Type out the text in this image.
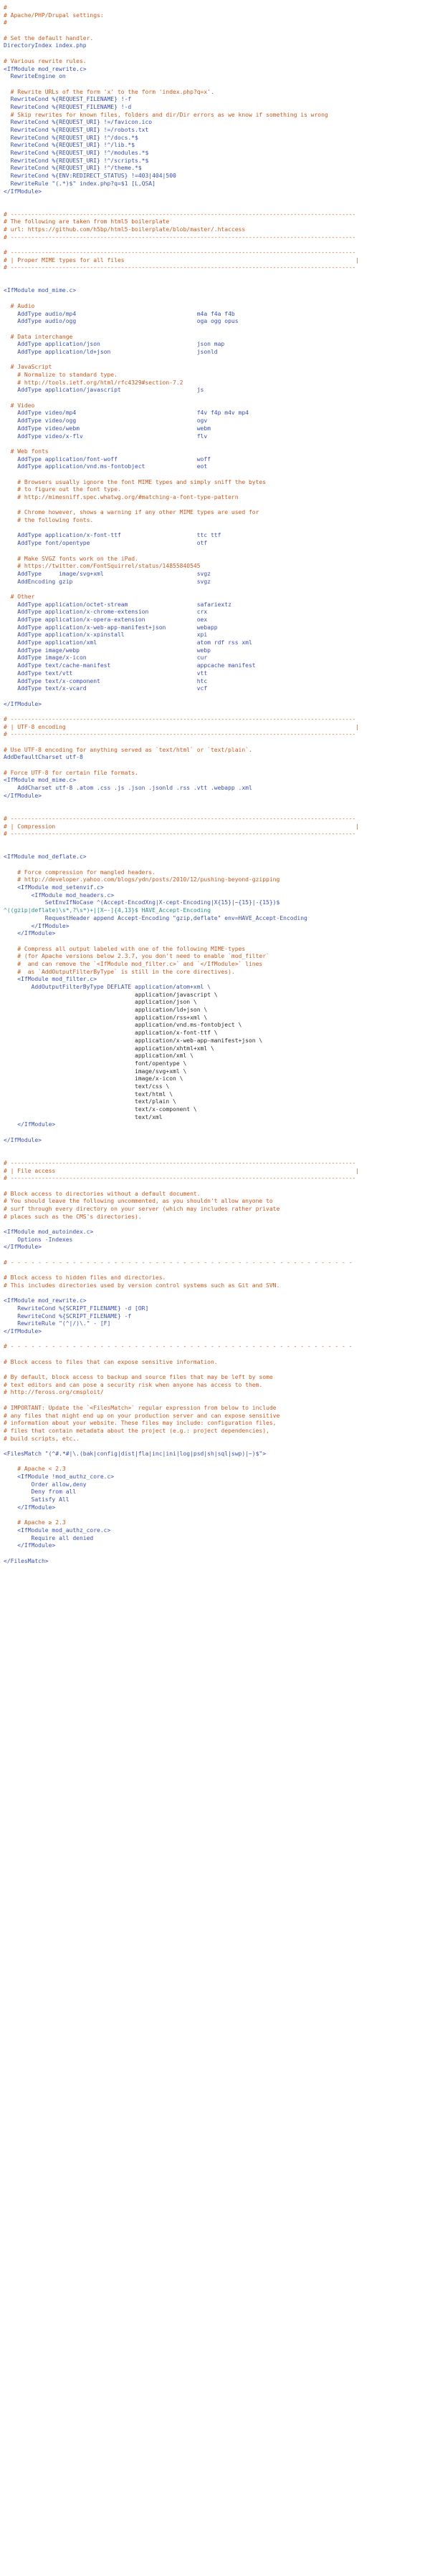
#
# Apache/PHP/Drupal settings:
#
# Set the default handler.
DirectoryIndex index.php
# Various rewrite rules.
<IfModule mod_rewrite.c>
RewriteEngine on
# Rewrite URLs of the form 'x' to the form 'index.php?q=x'.
RewriteCond %{REQUEST_FILENAME} !-f
RewriteCond %{REQUEST_FILENAME} !-d
# Skip rewrites for known files, folders and dir/Dir errors as we know if something is wrong
RewriteCond %{REQUEST_URI} !=/favicon.ico
RewriteCond %{REQUEST_URI} !=/robots.txt
RewriteCond %{REQUEST_URI} !^/docs.*$
RewriteCond %{REQUEST_URI} !^/lib.*$
RewriteCond %{REQUEST_URI} !^/modules.*$
RewriteCond %{REQUEST_URI} !^/scripts.*$
RewriteCond %{REQUEST_URI} !^/theme.*$
RewriteCond %{ENV:REDIRECT_STATUS} !=403|404|500
RewriteRule "(.*)$" index.php?q=$1 [L,QSA]
</IfModule>
# ----------------------------------------------------------------------------------------------------
# The following are taken from html5 boilerplate
# url: https://github.com/h5bp/html5-boilerplate/blob/master/.htaccess
# ----------------------------------------------------------------------------------------------------
# ----------------------------------------------------------------------------------------------------
# | Proper MIME types for all files                                                                   |
# ----------------------------------------------------------------------------------------------------
<IfModule mod_mime.c>
# Audio
AddType audio/mp4                                   m4a f4a f4b
AddType audio/ogg                                   oga ogg opus
# Data interchange
AddType application/json                            json map
AddType application/ld+json                         jsonld
# JavaScript
# Normalize to standard type.
# http://tools.ietf.org/html/rfc4329#section-7.2
AddType application/javascript                      js
# Video
AddType video/mp4                                   f4v f4p m4v mp4
AddType video/ogg                                   ogv
AddType video/webm                                  webm
AddType video/x-flv                                 flv
# Web fonts
AddType application/font-woff                       woff
AddType application/vnd.ms-fontobject               eot
# Browsers usually ignore the font MIME types and simply sniff the bytes
# to figure out the font type.
# http://mimesniff.spec.whatwg.org/#matching-a-font-type-pattern
# Chrome however, shows a warning if any other MIME types are used for
# the following fonts.
AddType application/x-font-ttf                      ttc ttf
AddType font/opentype                               otf
# Make SVGZ fonts work on the iPad.
# https://twitter.com/FontSquirrel/status/14855840545
AddType     image/svg+xml                           svgz
AddEncoding gzip                                    svgz
# Other
AddType application/octet-stream                    safariextz
AddType application/x-chrome-extension              crx
AddType application/x-opera-extension               oex
AddType application/x-web-app-manifest+json         webapp
AddType application/x-xpinstall                     xpi
AddType application/xml                             atom rdf rss xml
AddType image/webp                                  webp
AddType image/x-icon                                cur
AddType text/cache-manifest                         appcache manifest
AddType text/vtt                                    vtt
AddType text/x-component                            htc
AddType text/x-vcard                                vcf
</IfModule>
# ----------------------------------------------------------------------------------------------------
# | UTF-8 encoding                                                                                    |
# ----------------------------------------------------------------------------------------------------
# Use UTF-8 encoding for anything served as `text/html` or `text/plain`.
AddDefaultCharset utf-8
# Force UTF-8 for certain file formats.
<IfModule mod_mime.c>
AddCharset utf-8 .atom .css .js .json .jsonld .rss .vtt .webapp .xml
</IfModule>
# ----------------------------------------------------------------------------------------------------
# | Compression                                                                                       |
# ----------------------------------------------------------------------------------------------------
<IfModule mod_deflate.c>
# Force compression for mangled headers.
# http://developer.yahoo.com/blogs/ydn/posts/2010/12/pushing-beyond-gzipping
<IfModule mod_setenvif.c>
<IfModule mod_headers.c>
SetEnvIfNoCase ^(Accept-EncodXng|X-cept-Encoding|X{15}|~{15}|-{15})$
^((gzip|deflate)\s*,?\s*)+|[X~-]{4,13}$ HAVE_Accept-Encoding
RequestHeader append Accept-Encoding "gzip,deflate" env=HAVE_Accept-Encoding
</IfModule>
</IfModule>
# Compress all output labeled with one of the following MIME-types
# (for Apache versions below 2.3.7, you don't need to enable `mod_filter`
#  and can remove the `<IfModule mod_filter.c>` and `</IfModule>` lines
#  as `AddOutputFilterByType` is still in the core directives).
<IfModule mod_filter.c>
AddOutputFilterByType DEFLATE application/atom+xml \
application/javascript \
application/json \
application/ld+json \
application/rss+xml \
application/vnd.ms-fontobject \
application/x-font-ttf \
application/x-web-app-manifest+json \
application/xhtml+xml \
application/xml \
font/opentype \
image/svg+xml \
image/x-icon \
text/css \
text/html \
text/plain \
text/x-component \
text/xml
</IfModule>
</IfModule>
# ----------------------------------------------------------------------------------------------------
# | File access                                                                                       |
# ----------------------------------------------------------------------------------------------------
# Block access to directories without a default document.
# You should leave the following uncommented, as you shouldn't allow anyone to
# surf through every directory on your server (which may includes rather private
# places such as the CMS's directories).
<IfModule mod_autoindex.c>
Options -Indexes
</IfModule>
# - - - - - - - - - - - - - - - - - - - - - - - - - - - - - - - - - - - - - - - - - - - - - - - - - -
# Block access to hidden files and directories.
# This includes directories used by version control systems such as Git and SVN.
<IfModule mod_rewrite.c>
RewriteCond %{SCRIPT_FILENAME} -d [OR]
RewriteCond %{SCRIPT_FILENAME} -f
RewriteRule "(^|/)\." - [F]
</IfModule>
# - - - - - - - - - - - - - - - - - - - - - - - - - - - - - - - - - - - - - - - - - - - - - - - - - -
# Block access to files that can expose sensitive information.
# By default, block access to backup and source files that may be left by some
# text editors and can pose a security risk when anyone has access to them.
# http://feross.org/cmsploit/
# IMPORTANT: Update the `<FilesMatch>` regular expression from below to include
# any files that might end up on your production server and can expose sensitive
# information about your website. These files may include: configuration files,
# files that contain metadata about the project (e.g.: project dependencies),
# build scripts, etc..
<FilesMatch "(^#.*#|\.(bak|config|dist|fla|inc|ini|log|psd|sh|sql|swp)|~)$">
# Apache < 2.3
<IfModule !mod_authz_core.c>
Order allow,deny
Deny from all
Satisfy All
</IfModule>
# Apache ≥ 2.3
<IfModule mod_authz_core.c>
Require all denied
</IfModule>
</FilesMatch>
